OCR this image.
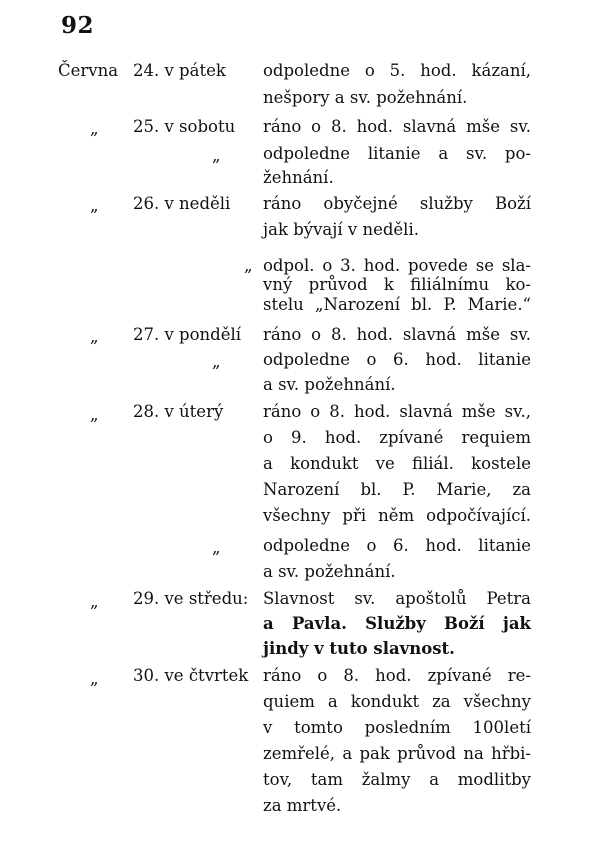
92
Června 24. v pátek
„ 25. v sobotu
„
„ 26. v neděli
„
„ 27. v pondělí
„
„ 28. v úterý
„
„ 29. ve středu:
„ 30. ve čtvrtek
odpoledne o 5. hod. kázaní,
nešpory a sv. požehnání.
ráno o 8. hod. slavná mše sv.
odpoledne litanie a sv. po-
žehnání.
ráno obyčejné služby Boží
jak bývají v neděli.
odpol. o 3. hod. povede se sla-
vný průvod k filiálnímu ko-
stelu „Narození bl. P. Marie.“
ráno o 8. hod. slavná mše sv.
odpoledne o 6. hod. litanie
a sv. požehnání.
ráno o 8. hod. slavná mše sv.,
o 9. hod. zpívané requiem
a kondukt ve filiál. kostele
Narození bl. P. Marie, za
všechny při něm odpočívající.
odpoledne o 6. hod. litanie
a sv. požehnání.
Slavnost sv. apoštolů Petra
a Pavla. Služby Boží jak
jindy v tuto slavnost.
ráno o 8. hod. zpívané re-
quiem a kondukt za všechny
v tomto posledním 100letí
zemřelé, a pak průvod na hřbi-
tov, tam žalmy a modlitby
za mrtvé.
